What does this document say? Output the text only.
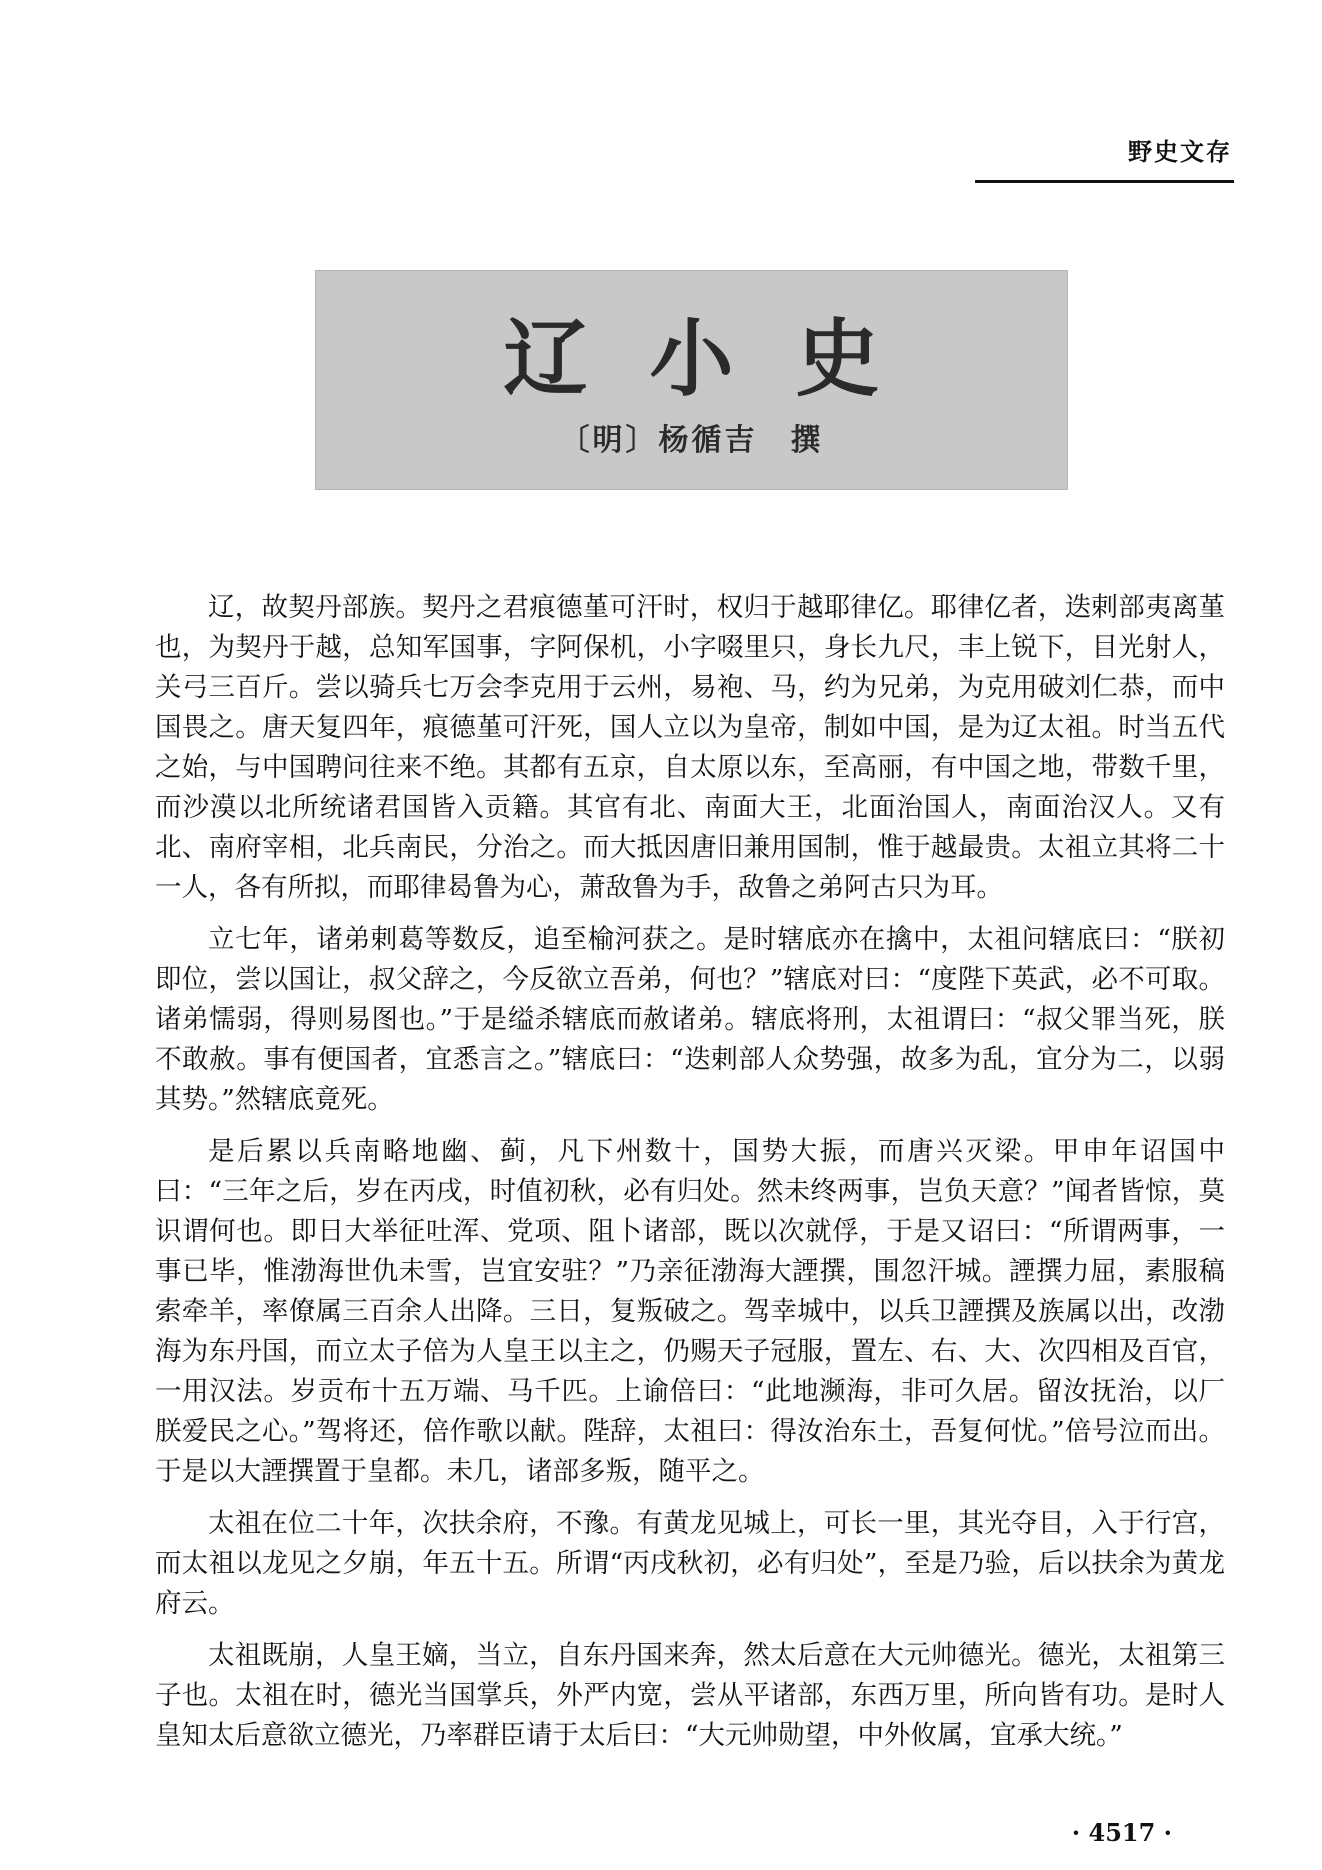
野史文存
辽小史
〔明〕杨循吉　撰

辽，故契丹部族。契丹之君痕德堇可汗时，权归于越耶律亿。耶律亿者，迭剌部夷离堇也，为契丹于越，总知军国事，字阿保机，小字啜里只，身长九尺，丰上锐下，目光射人，关弓三百斤。尝以骑兵七万会李克用于云州，易袍、马，约为兄弟，为克用破刘仁恭，而中国畏之。唐天复四年，痕德堇可汗死，国人立以为皇帝，制如中国，是为辽太祖。时当五代之始，与中国聘问往来不绝。其都有五京，自太原以东，至高丽，有中国之地，带数千里，而沙漠以北所统诸君国皆入贡籍。其官有北、南面大王，北面治国人，南面治汉人。又有北、南府宰相，北兵南民，分治之。而大抵因唐旧兼用国制，惟于越最贵。太祖立其将二十一人，各有所拟，而耶律曷鲁为心，萧敌鲁为手，敌鲁之弟阿古只为耳。

立七年，诸弟剌葛等数反，追至榆河获之。是时辖底亦在擒中，太祖问辖底曰：“朕初即位，尝以国让，叔父辞之，今反欲立吾弟，何也？”辖底对曰：“度陛下英武，必不可取。诸弟懦弱，得则易图也。”于是缢杀辖底而赦诸弟。辖底将刑，太祖谓曰：“叔父罪当死，朕不敢赦。事有便国者，宜悉言之。”辖底曰：“迭剌部人众势强，故多为乱，宜分为二，以弱其势。”然辖底竟死。

是后累以兵南略地幽、蓟，凡下州数十，国势大振，而唐兴灭梁。甲申年诏国中曰：“三年之后，岁在丙戌，时值初秋，必有归处。然未终两事，岂负天意？”闻者皆惊，莫识谓何也。即日大举征吐浑、党项、阻卜诸部，既以次就俘，于是又诏曰：“所谓两事，一事已毕，惟渤海世仇未雪，岂宜安驻？”乃亲征渤海大諲撰，围忽汗城。諲撰力屈，素服稿索牵羊，率僚属三百余人出降。三日，复叛破之。驾幸城中，以兵卫諲撰及族属以出，改渤海为东丹国，而立太子倍为人皇王以主之，仍赐天子冠服，置左、右、大、次四相及百官，一用汉法。岁贡布十五万端、马千匹。上谕倍曰：“此地濒海，非可久居。留汝抚治，以厂朕爱民之心。”驾将还，倍作歌以献。陛辞，太祖曰：得汝治东土，吾复何忧。”倍号泣而出。于是以大諲撰置于皇都。未几，诸部多叛，随平之。

太祖在位二十年，次扶余府，不豫。有黄龙见城上，可长一里，其光夺目，入于行宫，而太祖以龙见之夕崩，年五十五。所谓“丙戌秋初，必有归处”，至是乃验，后以扶余为黄龙府云。

太祖既崩，人皇王嫡，当立，自东丹国来奔，然太后意在大元帅德光。德光，太祖第三子也。太祖在时，德光当国掌兵，外严内宽，尝从平诸部，东西万里，所向皆有功。是时人皇知太后意欲立德光，乃率群臣请于太后曰：“大元帅勋望，中外攸属，宜承大统。”

· 4517 ·
